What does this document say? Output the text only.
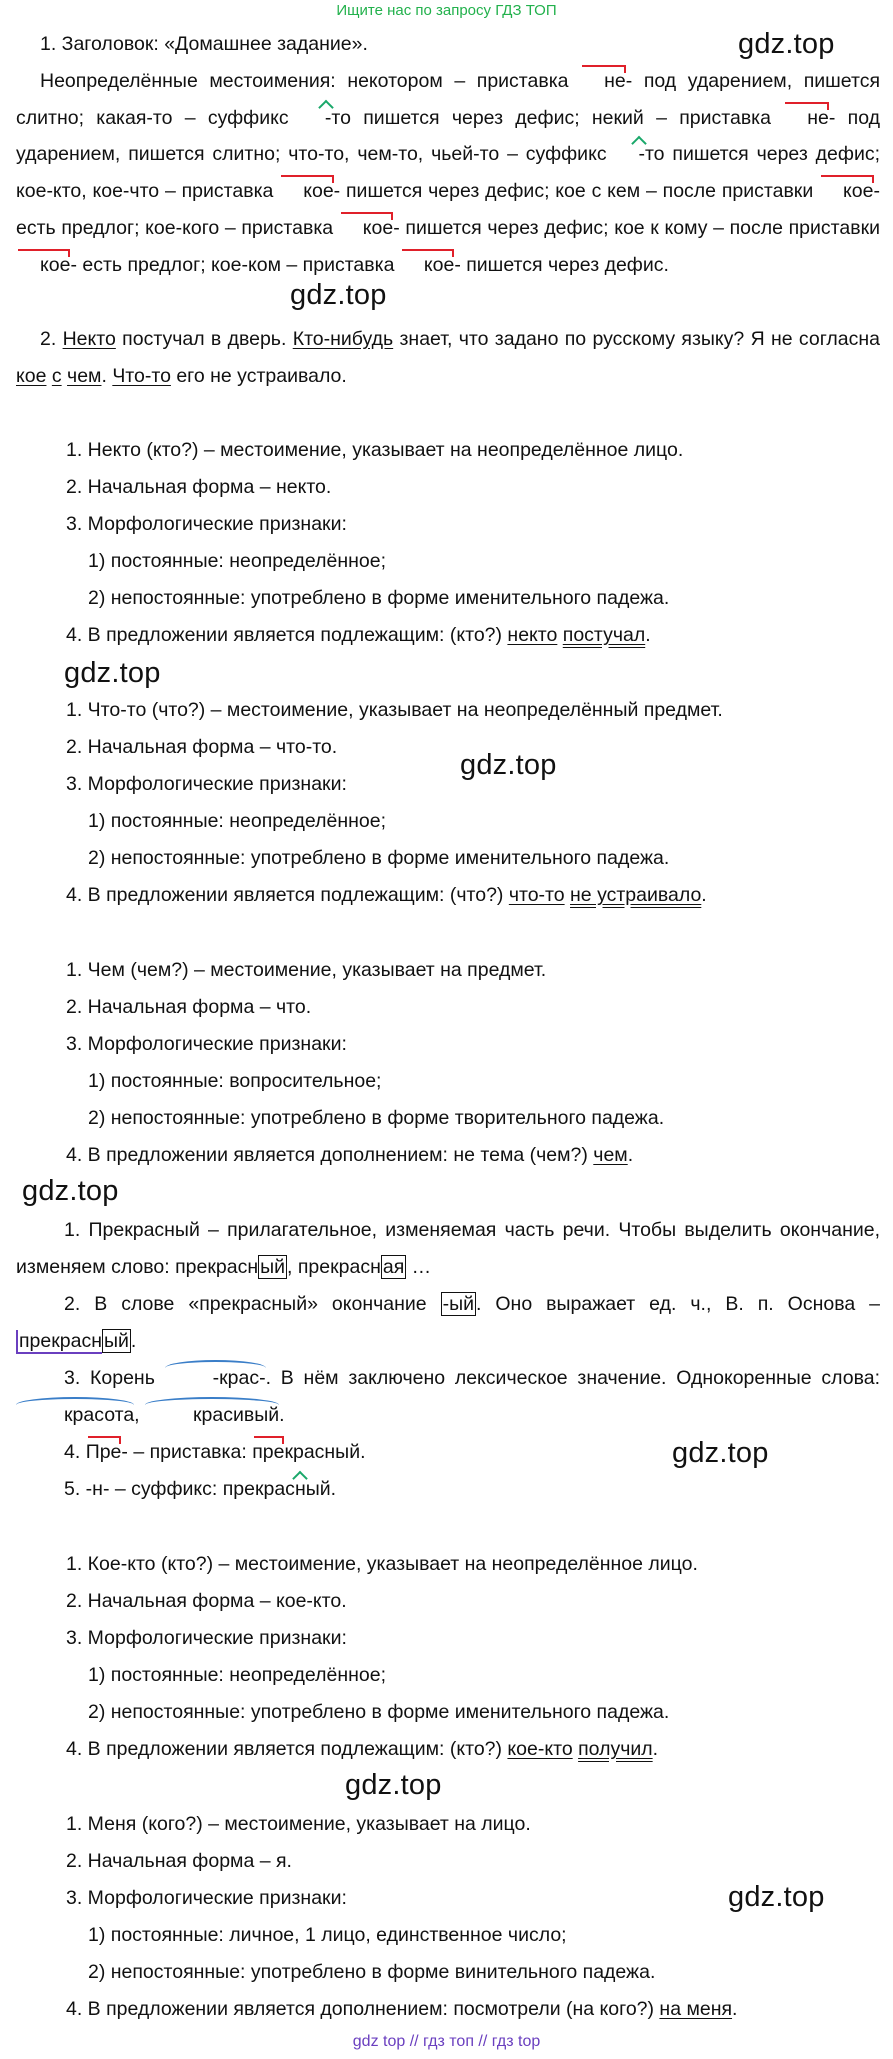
Ищите нас по запросу ГДЗ ТОП
gdz.top
gdz.top
gdz.top
gdz.top
gdz.top
gdz.top
gdz.top
gdz.top
1. Заголовок: «Домашнее задание».
Неопределённые местоимения: некотором – приставка не- под ударением, пишется слитно; какая-то – суффикс -то пишется через дефис; некий – приставка не- под ударением, пишется слитно; что-то, чем-то, чьей-то – суффикс -то пишется через дефис; кое-кто, кое-что – приставка кое- пишется через дефис; кое с кем – после приставки кое- есть предлог; кое-кого – приставка кое- пишется через дефис; кое к кому – после приставки кое- есть предлог; кое-ком – приставка кое- пишется через дефис.
2. Некто постучал в дверь. Кто-нибудь знает, что задано по русскому языку? Я не согласна кое с чем. Что-то его не устраивало.
1. Некто (кто?) – местоимение, указывает на неопределённое лицо.
2. Начальная форма – некто.
3. Морфологические признаки:
1) постоянные: неопределённое;
2) непостоянные: употреблено в форме именительного падежа.
4. В предложении является подлежащим: (кто?) некто постучал.
1. Что-то (что?) – местоимение, указывает на неопределённый предмет.
2. Начальная форма – что-то.
3. Морфологические признаки:
1) постоянные: неопределённое;
2) непостоянные: употреблено в форме именительного падежа.
4. В предложении является подлежащим: (что?) что-то не устраивало.
1. Чем (чем?) – местоимение, указывает на предмет.
2. Начальная форма – что.
3. Морфологические признаки:
1) постоянные: вопросительное;
2) непостоянные: употреблено в форме творительного падежа.
4. В предложении является дополнением: не тема (чем?) чем.
1. Прекрасный – прилагательное, изменяемая часть речи. Чтобы выделить окончание, изменяем слово: прекрасн ый , прекрасн ая …
2. В слове «прекрасный» окончание -ый . Оно выражает ед. ч., В. п. Основа – прекрасн ый .
3. Корень -крас-. В нём заключено лексическое значение. Однокоренные слова: красота, красивый.
4. Пре- – приставка: прекрасный.
5. -н- – суффикс: прекрасный.
1. Кое-кто (кто?) – местоимение, указывает на неопределённое лицо.
2. Начальная форма – кое-кто.
3. Морфологические признаки:
1) постоянные: неопределённое;
2) непостоянные: употреблено в форме именительного падежа.
4. В предложении является подлежащим: (кто?) кое-кто получил.
1. Меня (кого?) – местоимение, указывает на лицо.
2. Начальная форма – я.
3. Морфологические признаки:
1) постоянные: личное, 1 лицо, единственное число;
2) непостоянные: употреблено в форме винительного падежа.
4. В предложении является дополнением: посмотрели (на кого?) на меня.
gdz top // гдз топ // гдз top
